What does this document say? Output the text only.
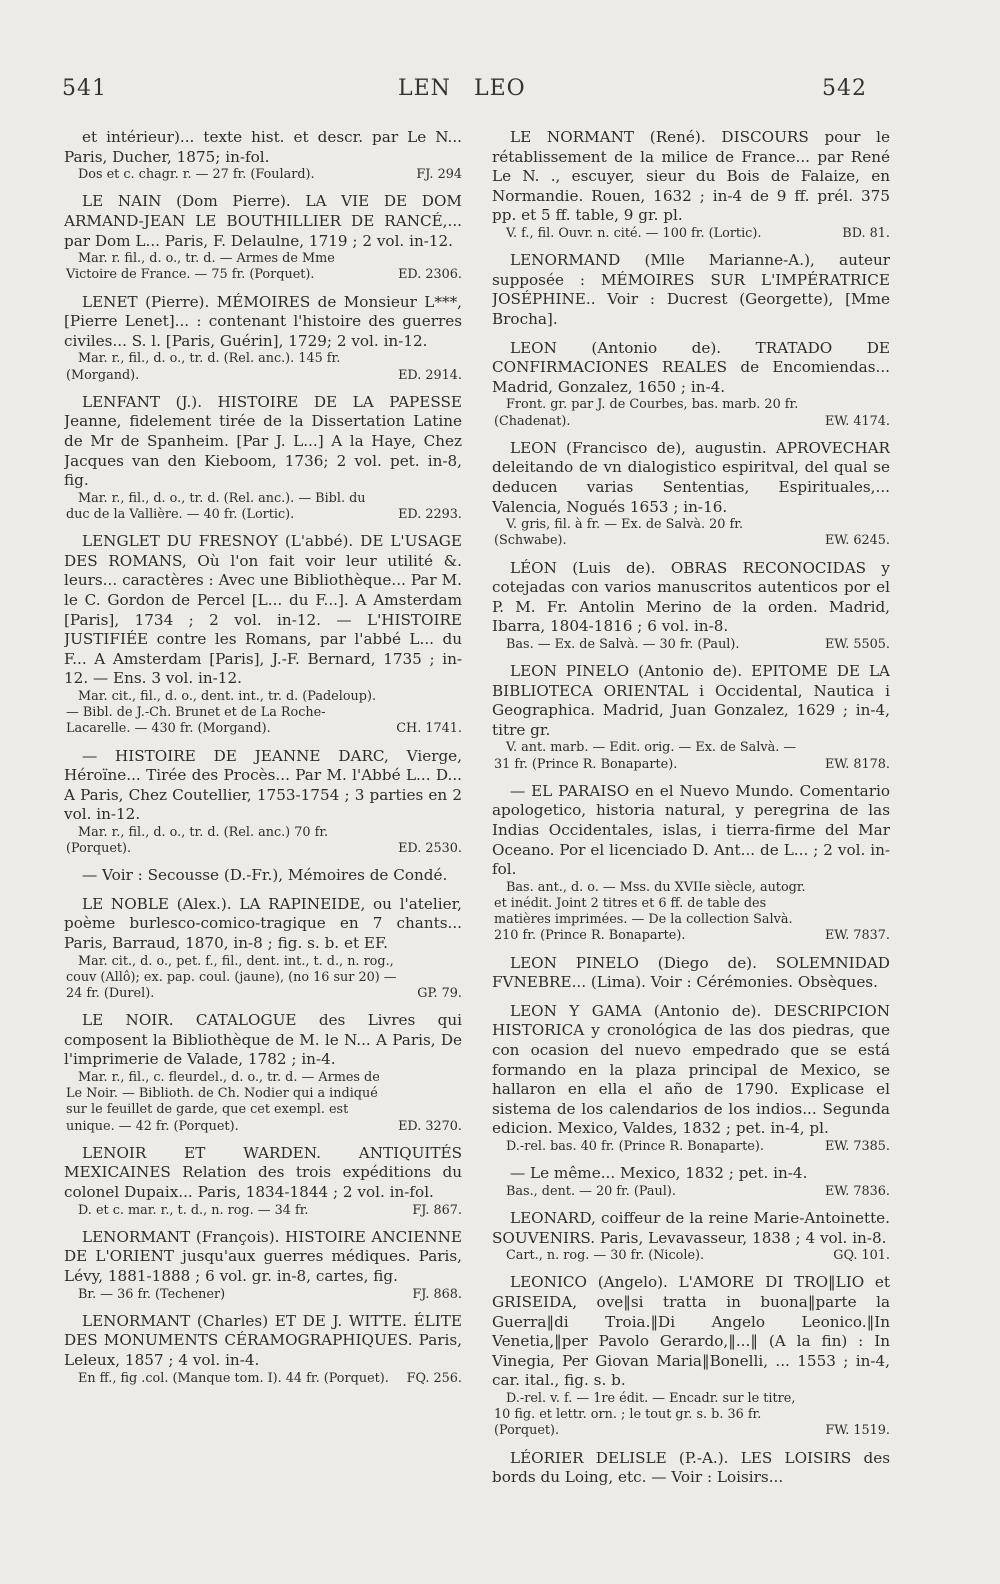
541	LEN LEO	542

et intérieur)... texte hist. et descr. par Le N... Paris, Ducher, 1875; in-fol.

Dos et c. chagr. r. — 27 fr. (Foulard).	FJ. 294

LE NAIN (Dom Pierre). LA VIE DE DOM ARMAND-JEAN LE BOUTHILLIER DE RANCÉ,... par Dom L... Paris, F. Delaulne, 1719 ; 2 vol. in-12.

Mar. r. fil., d. o., tr. d. — Armes de Mme Victoire de France. — 75 fr. (Porquet).	ED. 2306.

LENET (Pierre). MÉMOIRES de Monsieur L***, [Pierre Lenet]... : contenant l'histoire des guerres civiles... S. l. [Paris, Guérin], 1729; 2 vol. in-12.

Mar. r., fil., d. o., tr. d. (Rel. anc.). 145 fr. (Morgand).	ED. 2914.

LENFANT (J.). HISTOIRE DE LA PAPESSE Jeanne, fidelement tirée de la Dissertation Latine de Mr de Spanheim. [Par J. L...] A la Haye, Chez Jacques van den Kieboom, 1736; 2 vol. pet. in-8, fig.

Mar. r., fil., d. o., tr. d. (Rel. anc.). — Bibl. du duc de la Vallière. — 40 fr. (Lortic).	ED. 2293.

LENGLET DU FRESNOY (L'abbé). DE L'USAGE DES ROMANS, Où l'on fait voir leur utilité &. leurs... caractères : Avec une Bibliothèque... Par M. le C. Gordon de Percel [L... du F...]. A Amsterdam [Paris], 1734 ; 2 vol. in-12. — L'HISTOIRE JUSTIFIÉE contre les Romans, par l'abbé L... du F... A Amsterdam [Paris], J.-F. Bernard, 1735 ; in-12. — Ens. 3 vol. in-12.

Mar. cit., fil., d. o., dent. int., tr. d. (Padeloup). — Bibl. de J.-Ch. Brunet et de La Roche-Lacarelle. — 430 fr. (Morgand).	CH. 1741.

— HISTOIRE DE JEANNE DARC, Vierge, Héroïne... Tirée des Procès... Par M. l'Abbé L... D... A Paris, Chez Coutellier, 1753-1754 ; 3 parties en 2 vol. in-12.

Mar. r., fil., d. o., tr. d. (Rel. anc.) 70 fr. (Porquet).	ED. 2530.

— Voir : Secousse (D.-Fr.), Mémoires de Condé.

LE NOBLE (Alex.). LA RAPINEIDE, ou l'atelier, poème burlesco-comico-tragique en 7 chants... Paris, Barraud, 1870, in-8 ; fig. s. b. et EF.

Mar. cit., d. o., pet. f., fil., dent. int., t. d., n. rog., couv (Allô); ex. pap. coul. (jaune), (no 16 sur 20) — 24 fr. (Durel).	GP. 79.

LE NOIR. CATALOGUE des Livres qui composent la Bibliothèque de M. le N... A Paris, De l'imprimerie de Valade, 1782 ; in-4.

Mar. r., fil., c. fleurdel., d. o., tr. d. — Armes de Le Noir. — Biblioth. de Ch. Nodier qui a indiqué sur le feuillet de garde, que cet exempl. est unique. — 42 fr. (Porquet).	ED. 3270.

LENOIR ET WARDEN. ANTIQUITÉS MEXICAINES Relation des trois expéditions du colonel Dupaix... Paris, 1834-1844 ; 2 vol. in-fol.

D. et c. mar. r., t. d., n. rog. — 34 fr.	FJ. 867.

LENORMANT (François). HISTOIRE ANCIENNE DE L'ORIENT jusqu'aux guerres médiques. Paris, Lévy, 1881-1888 ; 6 vol. gr. in-8, cartes, fig.

Br. — 36 fr. (Techener)	FJ. 868.

LENORMANT (Charles) ET DE J. WITTE. ÉLITE DES MONUMENTS CÉRAMOGRAPHIQUES. Paris, Leleux, 1857 ; 4 vol. in-4.

En ff., fig .col. (Manque tom. I). 44 fr. (Porquet).	FQ. 256.

LE NORMANT (René). DISCOURS pour le rétablissement de la milice de France... par René Le N. ., escuyer, sieur du Bois de Falaize, en Normandie. Rouen, 1632 ; in-4 de 9 ff. prél. 375 pp. et 5 ff. table, 9 gr. pl.

V. f., fil. Ouvr. n. cité. — 100 fr. (Lortic).	BD. 81.

LENORMAND (Mlle Marianne-A.), auteur supposée : MÉMOIRES SUR L'IMPÉRATRICE JOSÉPHINE.. Voir : Ducrest (Georgette), [Mme Brocha].

LEON (Antonio de). TRATADO DE CONFIRMACIONES REALES de Encomiendas... Madrid, Gonzalez, 1650 ; in-4.

Front. gr. par J. de Courbes, bas. marb. 20 fr. (Chadenat).	EW. 4174.

LEON (Francisco de), augustin. APROVECHAR deleitando de vn dialogistico espiritval, del qual se deducen varias Sententias, Espirituales,... Valencia, Nogués 1653 ; in-16.

V. gris, fil. à fr. — Ex. de Salvà. 20 fr. (Schwabe).	EW. 6245.

LÉON (Luis de). OBRAS RECONOCIDAS y cotejadas con varios manuscritos autenticos por el P. M. Fr. Antolin Merino de la orden. Madrid, Ibarra, 1804-1816 ; 6 vol. in-8.

Bas. — Ex. de Salvà. — 30 fr. (Paul).	EW. 5505.

LEON PINELO (Antonio de). EPITOME DE LA BIBLIOTECA ORIENTAL i Occidental, Nautica i Geographica. Madrid, Juan Gonzalez, 1629 ; in-4, titre gr.

V. ant. marb. — Edit. orig. — Ex. de Salvà. — 31 fr. (Prince R. Bonaparte).	EW. 8178.

— EL PARAISO en el Nuevo Mundo. Comentario apologetico, historia natural, y peregrina de las Indias Occidentales, islas, i tierra-firme del Mar Oceano. Por el licenciado D. Ant... de L... ; 2 vol. in-fol.

Bas. ant., d. o. — Mss. du XVIIe siècle, autogr. et inédit. Joint 2 titres et 6 ff. de table des matières imprimées. — De la collection Salvà. 210 fr. (Prince R. Bonaparte).	EW. 7837.

LEON PINELO (Diego de). SOLEMNIDAD FVNEBRE... (Lima). Voir : Cérémonies. Obsèques.

LEON Y GAMA (Antonio de). DESCRIPCION HISTORICA y cronológica de las dos piedras, que con ocasion del nuevo empedrado que se está formando en la plaza principal de Mexico, se hallaron en ella el año de 1790. Explicase el sistema de los calendarios de los indios... Segunda edicion. Mexico, Valdes, 1832 ; pet. in-4, pl.

D.-rel. bas. 40 fr. (Prince R. Bonaparte).	EW. 7385.

— Le même... Mexico, 1832 ; pet. in-4.

Bas., dent. — 20 fr. (Paul).	EW. 7836.

LEONARD, coiffeur de la reine Marie-Antoinette. SOUVENIRS. Paris, Levavasseur, 1838 ; 4 vol. in-8.

Cart., n. rog. — 30 fr. (Nicole).	GQ. 101.

LEONICO (Angelo). L'AMORE DI TRO‖LIO et GRISEIDA, ove‖si tratta in buona‖parte la Guerra‖di Troia.‖Di Angelo Leonico.‖In Venetia,‖per Pavolo Gerardo,‖...‖ (A la fin) : In Vinegia, Per Giovan Maria‖Bonelli, ... 1553 ; in-4, car. ital., fig. s. b.

D.-rel. v. f. — 1re édit. — Encadr. sur le titre, 10 fig. et lettr. orn. ; le tout gr. s. b. 36 fr. (Porquet).	FW. 1519.

LÉORIER DELISLE (P.-A.). LES LOISIRS des bords du Loing, etc. — Voir : Loisirs...
